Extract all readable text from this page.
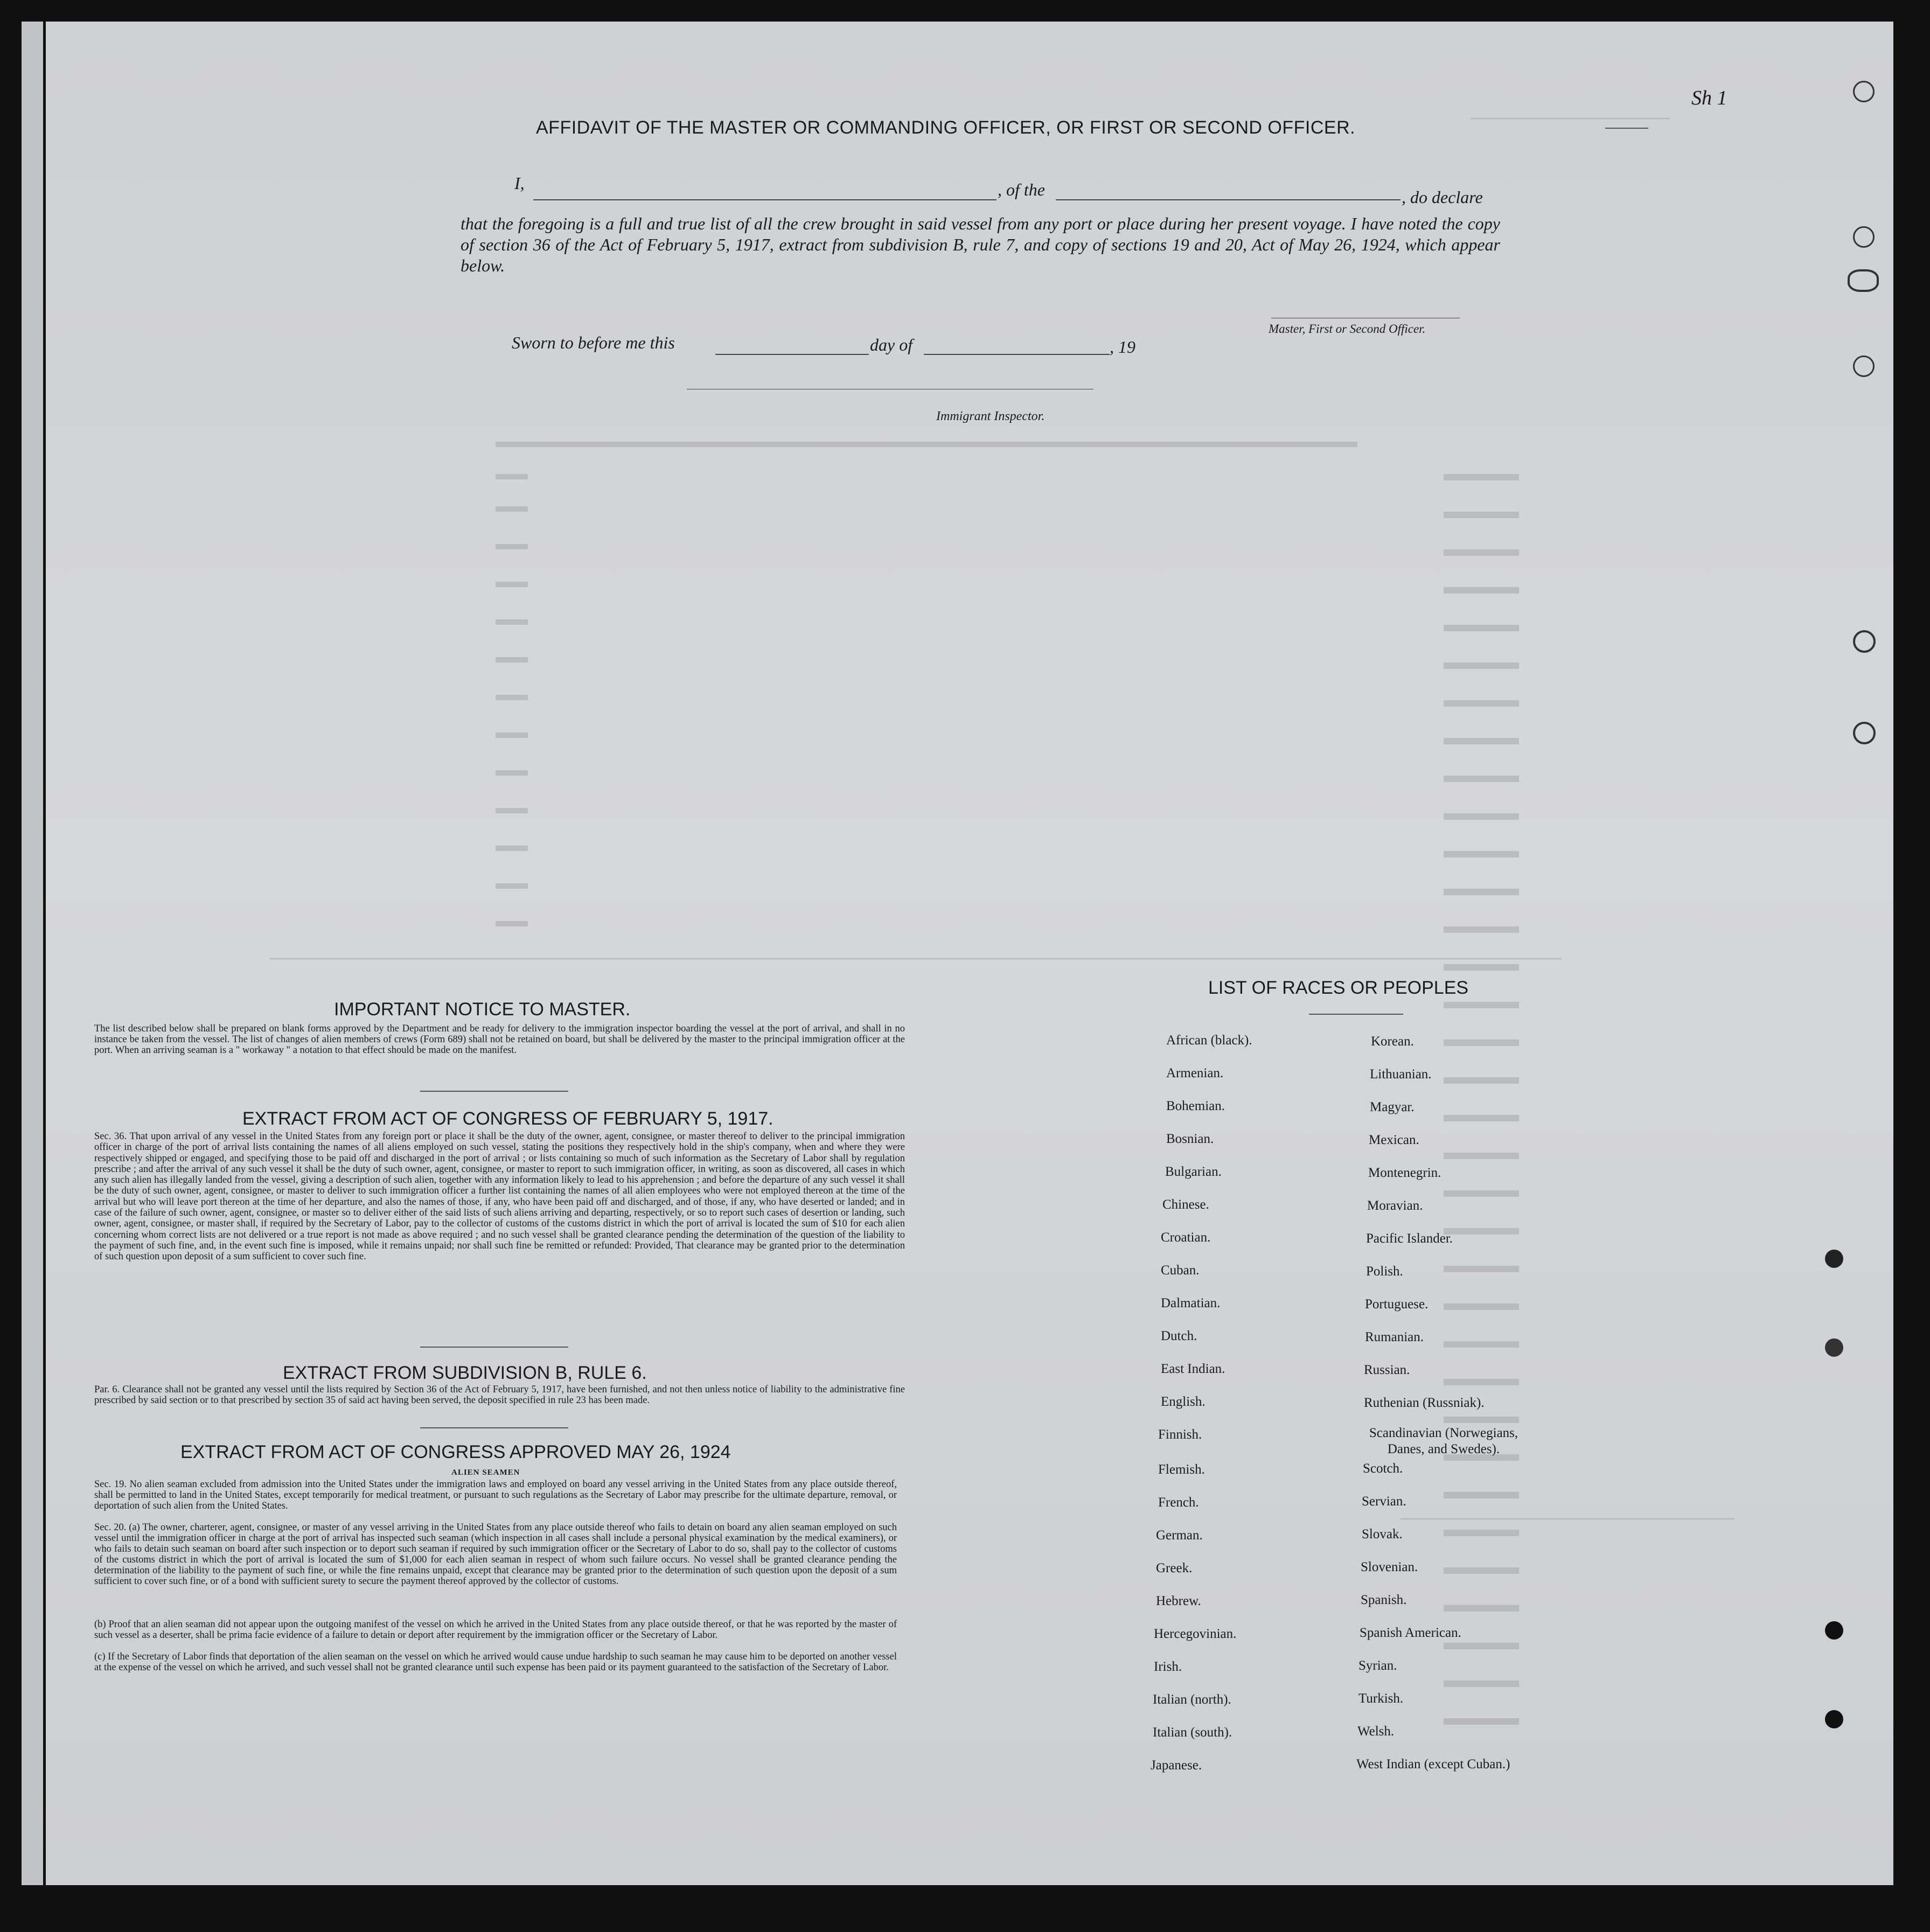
Sh 1
AFFIDAVIT OF THE MASTER OR COMMANDING OFFICER, OR FIRST OR SECOND OFFICER.
I,	, of the	, do declare
that the foregoing is a full and true list of all the crew brought in said vessel from any port or place during her present voyage. I have noted the copy of section 36 of the Act of February 5, 1917, extract from subdivision B, rule 7, and copy of sections 19 and 20, Act of May 26, 1924, which appear below.
Master, First or Second Officer.
Sworn to before me this	day of	, 19
Immigrant Inspector.
IMPORTANT NOTICE TO MASTER.
The list described below shall be prepared on blank forms approved by the Department and be ready for delivery to the immigration inspector boarding the vessel at the port of arrival, and shall in no instance be taken from the vessel. The list of changes of alien members of crews (Form 689) shall not be retained on board, but shall be delivered by the master to the principal immigration officer at the port. When an arriving seaman is a " workaway " a notation to that effect should be made on the manifest.
EXTRACT FROM ACT OF CONGRESS OF FEBRUARY 5, 1917.
Sec. 36. That upon arrival of any vessel in the United States from any foreign port or place it shall be the duty of the owner, agent, consignee, or master thereof to deliver to the principal immigration officer in charge of the port of arrival lists containing the names of all aliens employed on such vessel, stating the positions they respectively hold in the ship's company, when and where they were respectively shipped or engaged, and specifying those to be paid off and discharged in the port of arrival ; or lists containing so much of such information as the Secretary of Labor shall by regulation prescribe ; and after the arrival of any such vessel it shall be the duty of such owner, agent, consignee, or master to report to such immigration officer, in writing, as soon as discovered, all cases in which any such alien has illegally landed from the vessel, giving a description of such alien, together with any information likely to lead to his apprehension ; and before the departure of any such vessel it shall be the duty of such owner, agent, consignee, or master to deliver to such immigration officer a further list containing the names of all alien employees who were not employed thereon at the time of the arrival but who will leave port thereon at the time of her departure, and also the names of those, if any, who have been paid off and discharged, and of those, if any, who have deserted or landed; and in case of the failure of such owner, agent, consignee, or master so to deliver either of the said lists of such aliens arriving and departing, respectively, or so to report such cases of desertion or landing, such owner, agent, consignee, or master shall, if required by the Secretary of Labor, pay to the collector of customs of the customs district in which the port of arrival is located the sum of $10 for each alien concerning whom correct lists are not delivered or a true report is not made as above required ; and no such vessel shall be granted clearance pending the determination of the question of the liability to the payment of such fine, and, in the event such fine is imposed, while it remains unpaid; nor shall such fine be remitted or refunded: Provided, That clearance may be granted prior to the determination of such question upon deposit of a sum sufficient to cover such fine.
EXTRACT FROM SUBDIVISION B, RULE 6.
Par. 6. Clearance shall not be granted any vessel until the lists required by Section 36 of the Act of February 5, 1917, have been furnished, and not then unless notice of liability to the administrative fine prescribed by said section or to that prescribed by section 35 of said act having been served, the deposit specified in rule 23 has been made.
EXTRACT FROM ACT OF CONGRESS APPROVED MAY 26, 1924
ALIEN SEAMEN
Sec. 19. No alien seaman excluded from admission into the United States under the immigration laws and employed on board any vessel arriving in the United States from any place outside thereof, shall be permitted to land in the United States, except temporarily for medical treatment, or pursuant to such regulations as the Secretary of Labor may prescribe for the ultimate departure, removal, or deportation of such alien from the United States.
Sec. 20. (a) The owner, charterer, agent, consignee, or master of any vessel arriving in the United States from any place outside thereof who fails to detain on board any alien seaman employed on such vessel until the immigration officer in charge at the port of arrival has inspected such seaman (which inspection in all cases shall include a personal physical examination by the medical examiners), or who fails to detain such seaman on board after such inspection or to deport such seaman if required by such immigration officer or the Secretary of Labor to do so, shall pay to the collector of customs of the customs district in which the port of arrival is located the sum of $1,000 for each alien seaman in respect of whom such failure occurs. No vessel shall be granted clearance pending the determination of the liability to the payment of such fine, or while the fine remains unpaid, except that clearance may be granted prior to the determination of such question upon the deposit of a sum sufficient to cover such fine, or of a bond with sufficient surety to secure the payment thereof approved by the collector of customs.
(b) Proof that an alien seaman did not appear upon the outgoing manifest of the vessel on which he arrived in the United States from any place outside thereof, or that he was reported by the master of such vessel as a deserter, shall be prima facie evidence of a failure to detain or deport after requirement by the immigration officer or the Secretary of Labor.
(c) If the Secretary of Labor finds that deportation of the alien seaman on the vessel on which he arrived would cause undue hardship to such seaman he may cause him to be deported on another vessel at the expense of the vessel on which he arrived, and such vessel shall not be granted clearance until such expense has been paid or its payment guaranteed to the satisfaction of the Secretary of Labor.
LIST OF RACES OR PEOPLES
African (black).
Armenian.
Bohemian.
Bosnian.
Bulgarian.
Chinese.
Croatian.
Cuban.
Dalmatian.
Dutch.
East Indian.
English.
Finnish.
Flemish.
French.
German.
Greek.
Hebrew.
Hercegovinian.
Irish.
Italian (north).
Italian (south).
Japanese.
Korean.
Lithuanian.
Magyar.
Mexican.
Montenegrin.
Moravian.
Pacific Islander.
Polish.
Portuguese.
Rumanian.
Russian.
Ruthenian (Russniak).
Scandinavian (Norwegians, Danes, and Swedes).
Scotch.
Servian.
Slovak.
Slovenian.
Spanish.
Spanish American.
Syrian.
Turkish.
Welsh.
West Indian (except Cuban.)
